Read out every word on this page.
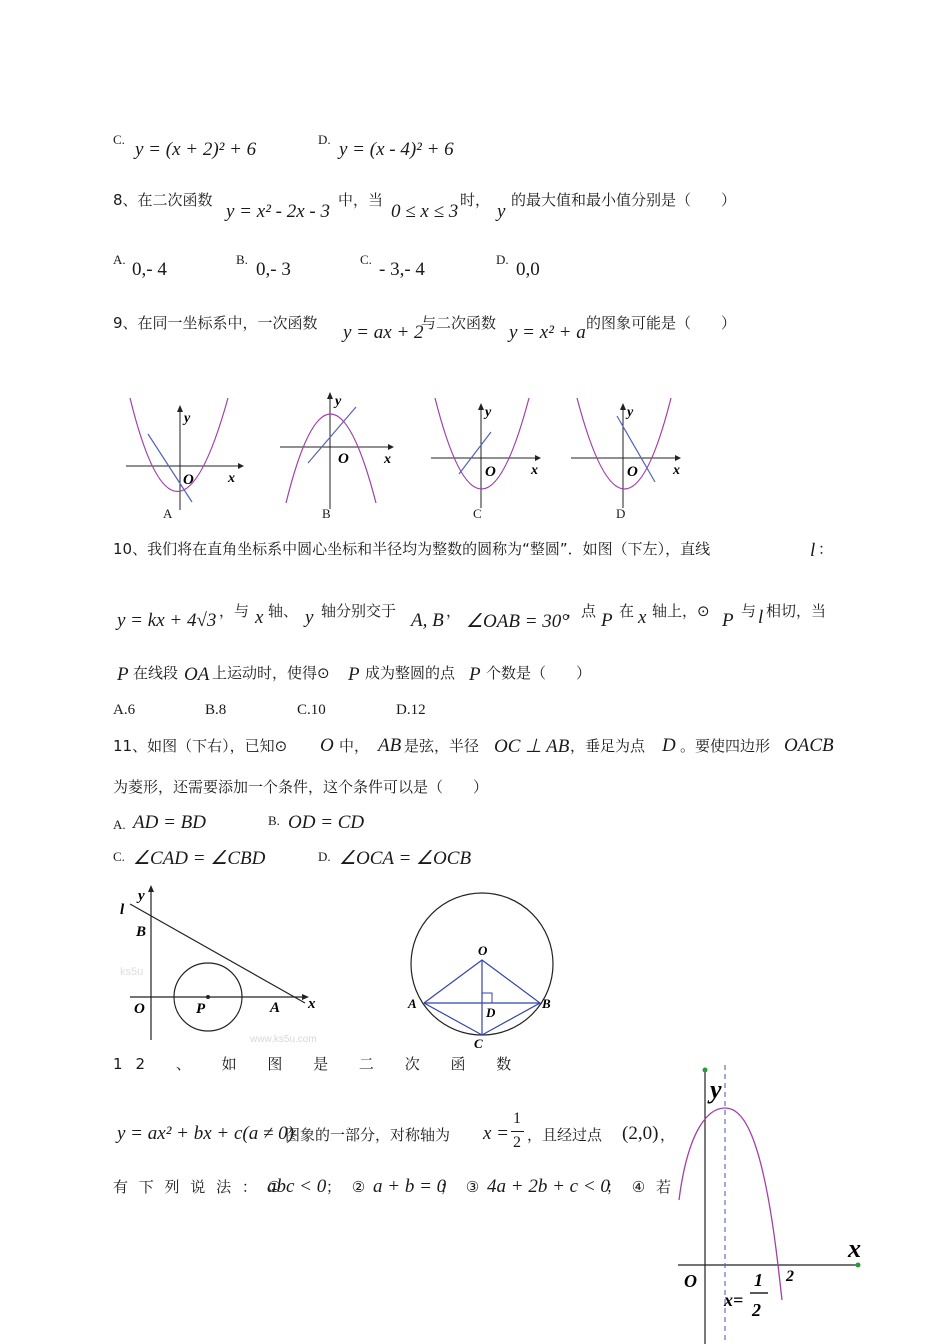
C. y = (x + 2)² + 6	D. y = (x - 4)² + 6
8、在二次函数
y = x² - 2x - 3
中，当
0 ≤ x ≤ 3
时，
y
的最大值和最小值分别是（　　）
A. 0,- 4	B. 0,- 3	C. - 3,- 4	D. 0,0
9、在同一坐标系中，一次函数 y = ax + 2
与二次函数 y = x² + a 的图象可能是（　　）
y
x
O
A
y
x
O
B
y
x
O
C
y
x
O
D
10、我们将在直角坐标系中圆心坐标和半径均为整数的圆称为“整圆”．如图（下左），直线	l ：
y = kx + 4√3 ，与 x 轴、 y 轴分别交于 A, B ， ∠OAB = 30°
，点 P 在 x 轴上，⊙ P 与 l 相切，当
P 在线段 OA 上运动时，使得⊙ P 成为整圆的点 P 个数是（　　）
A.6	B.8	C.10	D.12
11、如图（下右），已知⊙ O 中， AB 是弦，半径 OC ⊥ AB ，垂足为点 D 。要使四边形 OACB
为菱形，还需要添加一个条件，这个条件可以是（　　）
A. AD = BD	B. OD = CD
C. ∠CAD = ∠CBD	D. ∠OCA = ∠OCB
ks5u
www.ks5u.com
y
l
B
O	P	A x
O
A	B
C
D
12 、 如 图 是 二 次 函 数
y = ax² + bx + c(a ≠ 0)
图象的一部分，对称轴为 x =
1
2 ，且经过点 (2,0) ，
有 下 列 说 法 ： ①
abc < 0 ； ② a + b = 0
； ③ 4a + 2b + c < 0
； ④ 若
y
x
O	2
x=
1
2
